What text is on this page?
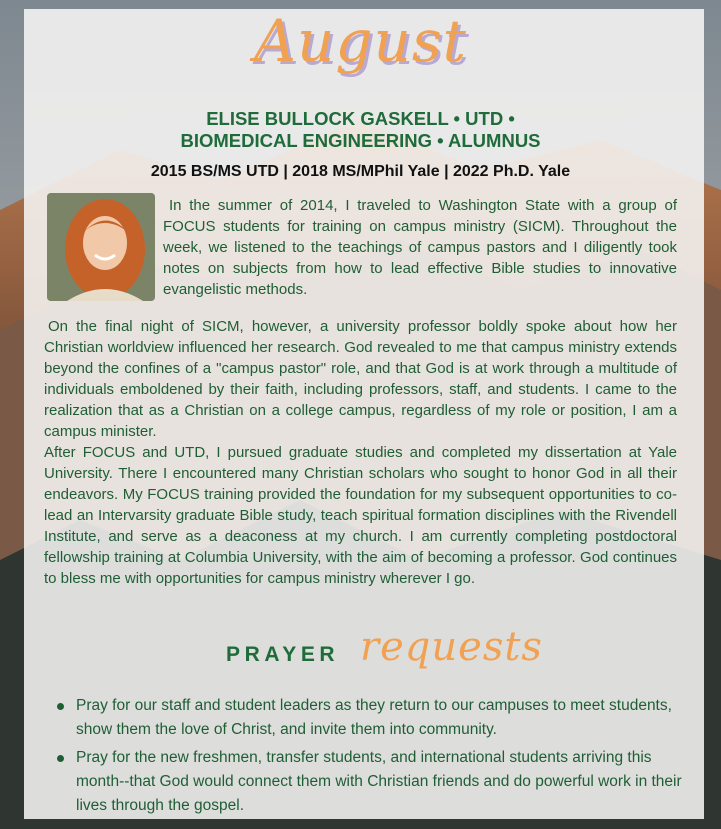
August
ELISE BULLOCK GASKELL • UTD •
BIOMEDICAL ENGINEERING • ALUMNUS
2015 BS/MS UTD | 2018 MS/MPhil Yale | 2022 Ph.D. Yale
In the summer of 2014, I traveled to Washington State with a group of FOCUS students for training on campus ministry (SICM). Throughout the week, we listened to the teachings of campus pastors and I diligently took notes on subjects from how to lead effective Bible studies to innovative evangelistic methods.

On the final night of SICM, however, a university professor boldly spoke about how her Christian worldview influenced her research. God revealed to me that campus ministry extends beyond the confines of a "campus pastor" role, and that God is at work through a multitude of individuals emboldened by their faith, including professors, staff, and students. I came to the realization that as a Christian on a college campus, regardless of my role or position, I am a campus minister.

After FOCUS and UTD, I pursued graduate studies and completed my dissertation at Yale University. There I encountered many Christian scholars who sought to honor God in all their endeavors. My FOCUS training provided the foundation for my subsequent opportunities to co-lead an Intervarsity graduate Bible study, teach spiritual formation disciplines with the Rivendell Institute, and serve as a deaconess at my church. I am currently completing postdoctoral fellowship training at Columbia University, with the aim of becoming a professor. God continues to bless me with opportunities for campus ministry wherever I go.

PRAYER requests
Pray for our staff and student leaders as they return to our campuses to meet students, show them the love of Christ, and invite them into community.
Pray for the new freshmen, transfer students, and international students arriving this month--that God would connect them with Christian friends and do powerful work in their lives through the gospel.
